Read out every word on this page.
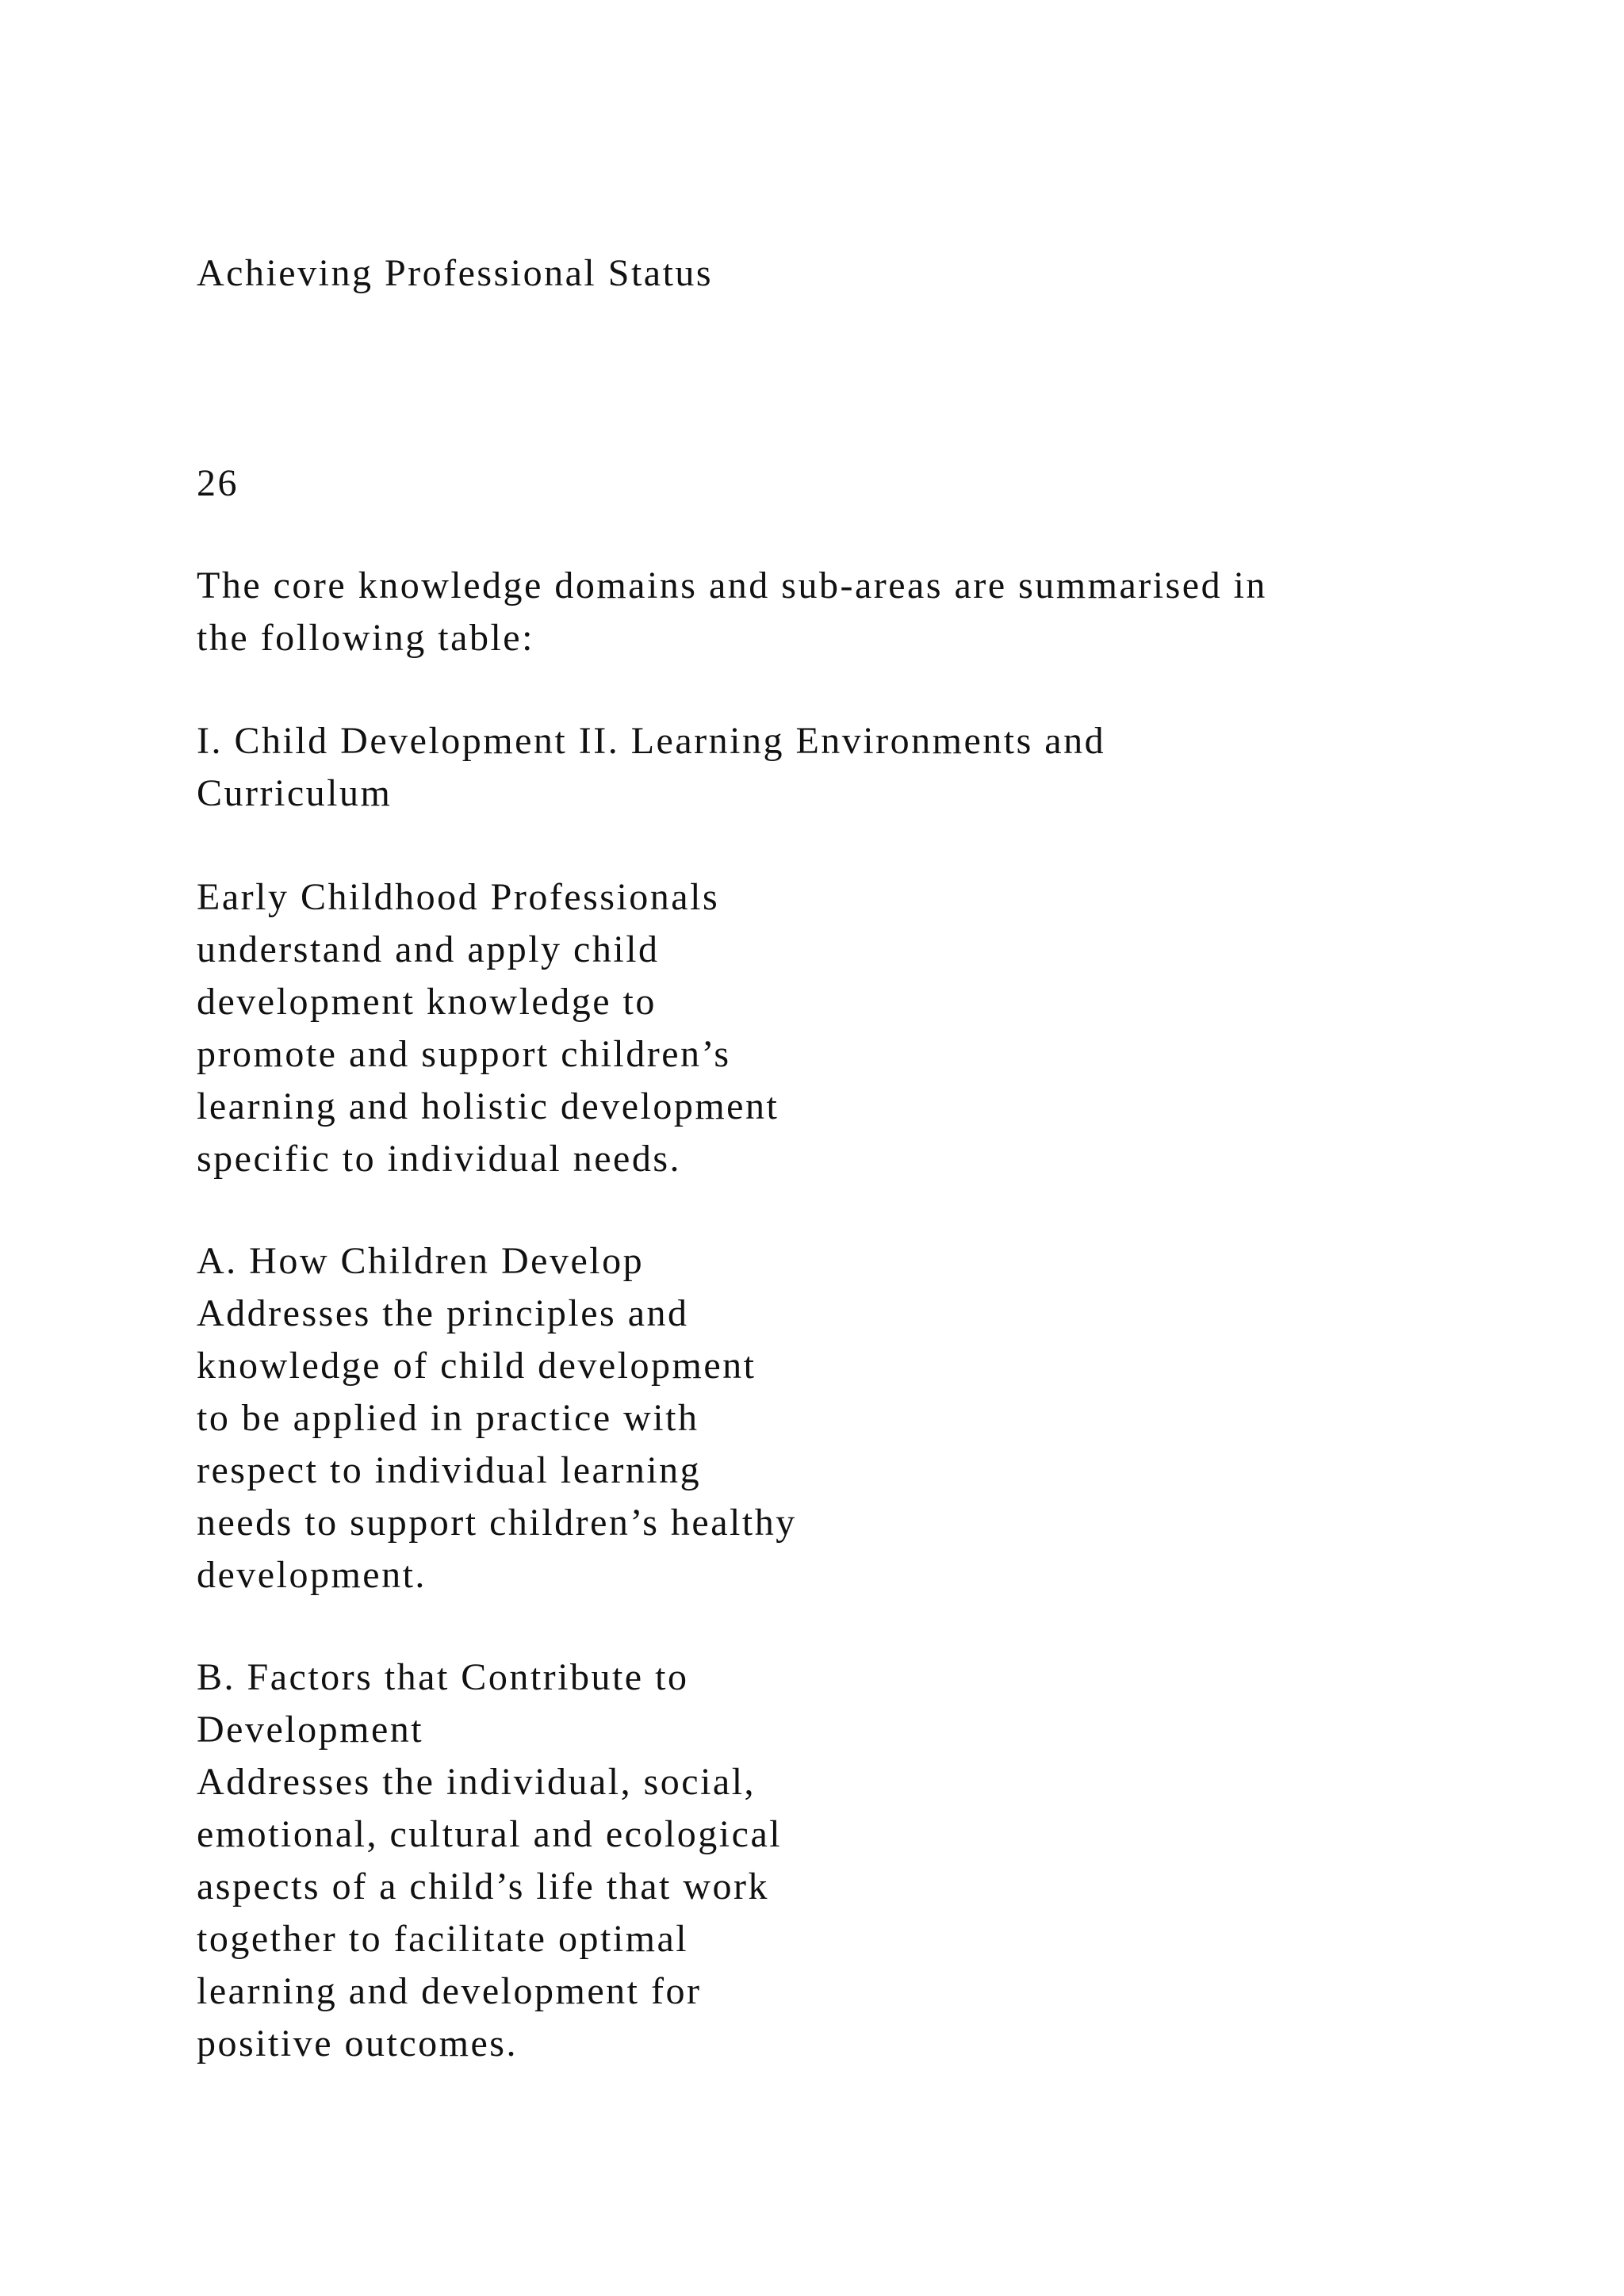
Achieving Professional Status

26

The core knowledge domains and sub-areas are summarised in
the following table:

I. Child Development II. Learning Environments and
Curriculum

Early Childhood Professionals
understand and apply child
development knowledge to
promote and support children’s
learning and holistic development
specific to individual needs.

A. How Children Develop
Addresses the principles and
knowledge of child development
to be applied in practice with
respect to individual learning
needs to support children’s healthy
development.

B. Factors that Contribute to
Development
Addresses the individual, social,
emotional, cultural and ecological
aspects of a child’s life that work
together to facilitate optimal
learning and development for
positive outcomes.
